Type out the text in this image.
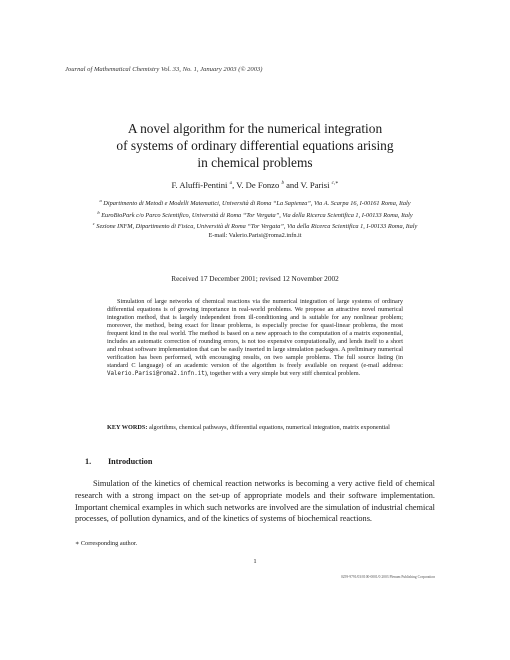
Journal of Mathematical Chemistry Vol. 33, No. 1, January 2003 (© 2003)
A novel algorithm for the numerical integration
of systems of ordinary differential equations arising
in chemical problems
F. Aluffi-Pentini $^a$, V. De Fonzo $^b$ and V. Parisi $^{c,∗}$
$^a$ Dipartimento di Metodi e Modelli Matematici, Università di Roma “La Sapienza”, Via A. Scarpa 16, I-00161 Roma, Italy
$^b$ EuroBioPark c/o Parco Scientifico, Università di Roma “Tor Vergata”, Via della Ricerca Scientifica 1, I-00133 Roma, Italy
$^c$ Sezione INFM, Dipartimento di Fisica, Università di Roma “Tor Vergata”, Via della Ricerca Scientifica 1, I-00133 Roma, Italy
E-mail: Valerio.Parisi@roma2.infn.it
Received 17 December 2001; revised 12 November 2002
Simulation of large networks of chemical reactions via the numerical integration of large systems of ordinary differential equations is of growing importance in real-world problems. We propose an attractive novel numerical integration method, that is largely independent from ill-conditioning and is suitable for any nonlinear problem; moreover, the method, being exact for linear problems, is especially precise for quasi-linear problems, the most frequent kind in the real world. The method is based on a new approach to the computation of a matrix exponential, includes an automatic correction of rounding errors, is not too expensive computationally, and lends itself to a short and robust software implementation that can be easily inserted in large simulation packages. A preliminary numerical verification has been performed, with encouraging results, on two sample problems. The full source listing (in standard C language) of an academic version of the algorithm is freely available on request (e-mail address: Valerio.Parisi@roma2.infn.it), together with a very simple but very stiff chemical problem.
KEY WORDS: algorithms, chemical pathways, differential equations, numerical integration, matrix exponential
1. Introduction
Simulation of the kinetics of chemical reaction networks is becoming a very active field of chemical research with a strong impact on the set-up of appropriate models and their software implementation. Important chemical examples in which such networks are involved are the simulation of industrial chemical processes, of pollution dynamics, and of the kinetics of systems of biochemical reactions.
∗ Corresponding author.
1
0259-9791/03/0100-0001/0 2003 Plenum Publishing Corporation
